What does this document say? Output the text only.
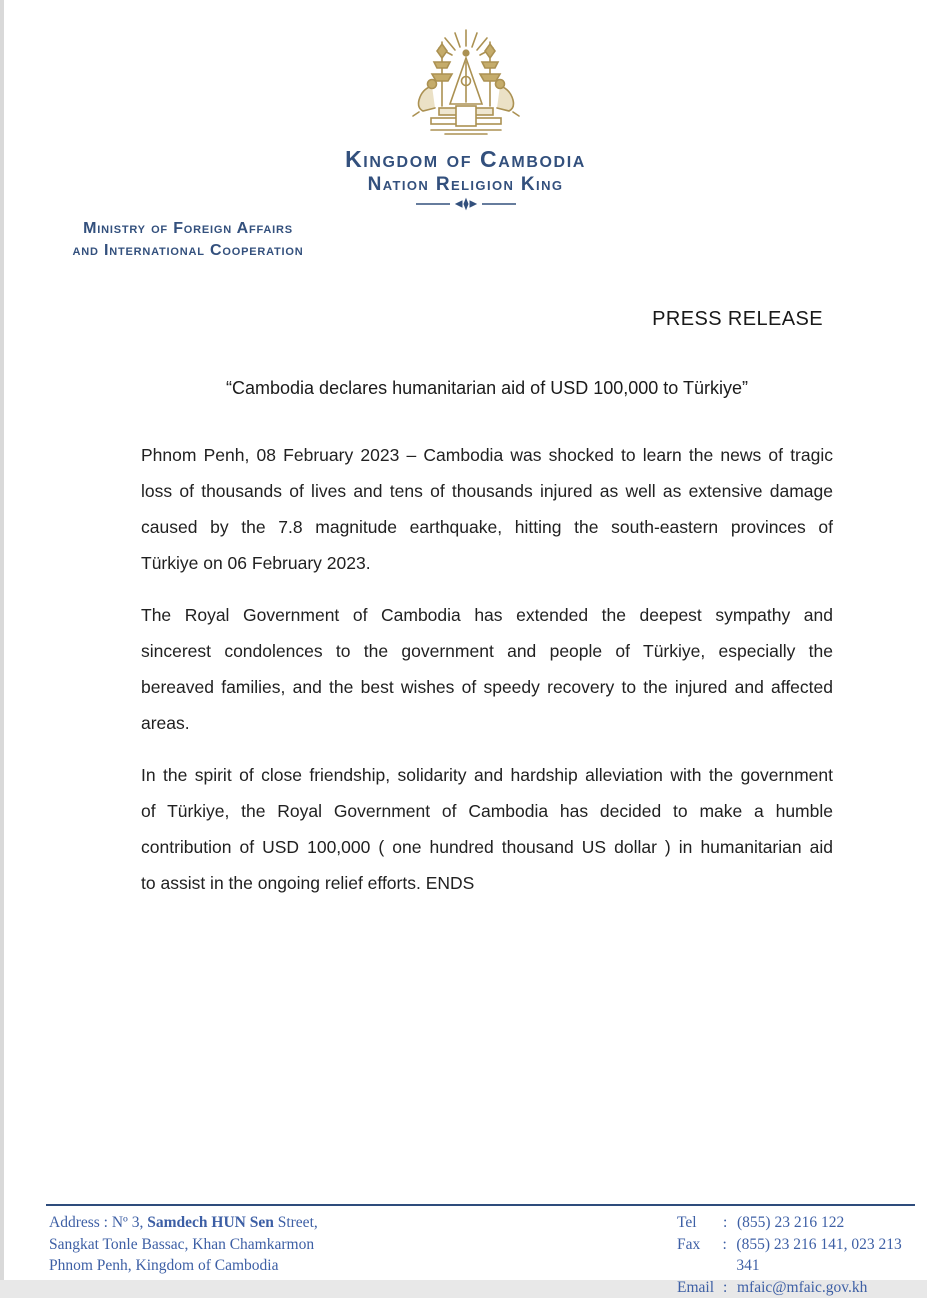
Kingdom of Cambodia
Nation Religion King
Ministry of Foreign Affairs
and International Cooperation
PRESS RELEASE
“Cambodia declares humanitarian aid of USD 100,000 to Türkiye”
Phnom Penh, 08 February 2023 – Cambodia was shocked to learn the news of tragic
loss of thousands of lives and tens of thousands injured as well as extensive damage
caused by the 7.8 magnitude earthquake, hitting the south-eastern provinces of
Türkiye on 06 February 2023.
The Royal Government of Cambodia has extended the deepest sympathy and
sincerest condolences to the government and people of Türkiye, especially the
bereaved families, and the best wishes of speedy recovery to the injured and affected
areas.
In the spirit of close friendship, solidarity and hardship alleviation with the government
of Türkiye, the Royal Government of Cambodia has decided to make a humble
contribution of USD 100,000 ( one hundred thousand US dollar ) in humanitarian aid
to assist in the ongoing relief efforts. ENDS
Address : Nº 3, Samdech HUN Sen Street,
Sangkat Tonle Bassac, Khan Chamkarmon
Phnom Penh, Kingdom of Cambodia
Tel	: (855) 23 216 122
Fax	: (855) 23 216 141, 023 213 341
Email : mfaic@mfaic.gov.kh
